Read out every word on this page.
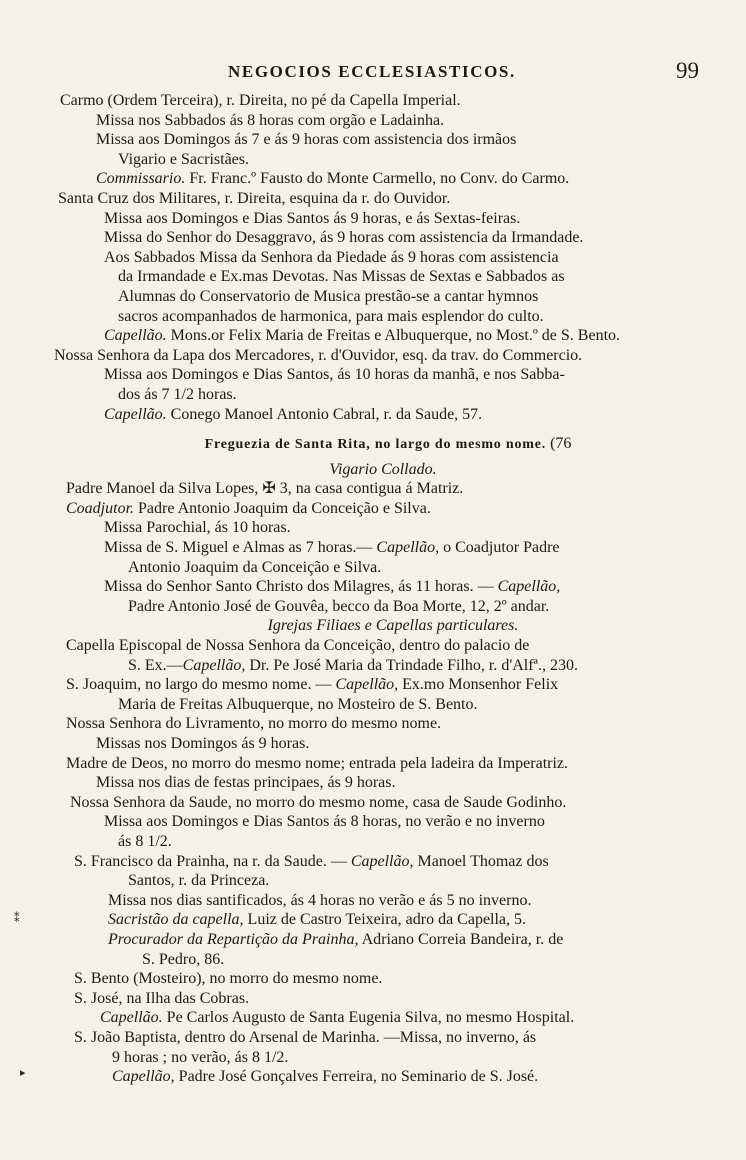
NEGOCIOS ECCLESIASTICOS.	99
Carmo (Ordem Terceira), r. Direita, no pé da Capella Imperial.
Missa nos Sabbados ás 8 horas com orgão e Ladainha.
Missa aos Domingos ás 7 e ás 9 horas com assistencia dos irmãos
Vigario e Sacristães.
Commissario. Fr. Franc.º Fausto do Monte Carmello, no Conv. do Carmo.
Santa Cruz dos Militares, r. Direita, esquina da r. do Ouvidor.
Missa aos Domingos e Dias Santos ás 9 horas, e ás Sextas-feiras.
Missa do Senhor do Desaggravo, ás 9 horas com assistencia da Irmandade.
Aos Sabbados Missa da Senhora da Piedade ás 9 horas com assistencia
da Irmandade e Ex.mas Devotas. Nas Missas de Sextas e Sabbados as
Alumnas do Conservatorio de Musica prestão-se a cantar hymnos
sacros acompanhados de harmonica, para mais esplendor do culto.
Capellão. Mons.or Felix Maria de Freitas e Albuquerque, no Most.º de S. Bento.
Nossa Senhora da Lapa dos Mercadores, r. d'Ouvidor, esq. da trav. do Commercio.
Missa aos Domingos e Dias Santos, ás 10 horas da manhã, e nos Sabba-
dos ás 7 1/2 horas.
Capellão. Conego Manoel Antonio Cabral, r. da Saude, 57.
Freguezia de Santa Rita, no largo do mesmo nome. (76
Vigario Collado.
Padre Manoel da Silva Lopes, ✠ 3, na casa contigua á Matriz.
Coadjutor. Padre Antonio Joaquim da Conceição e Silva.
Missa Parochial, ás 10 horas.
Missa de S. Miguel e Almas as 7 horas.— Capellão, o Coadjutor Padre
Antonio Joaquim da Conceição e Silva.
Missa do Senhor Santo Christo dos Milagres, ás 11 horas. — Capellão,
Padre Antonio José de Gouvêa, becco da Boa Morte, 12, 2º andar.
Igrejas Filiaes e Capellas particulares.
Capella Episcopal de Nossa Senhora da Conceição, dentro do palacio de
S. Ex.—Capellão, Dr. Pe José Maria da Trindade Filho, r. d'Alfª., 230.
S. Joaquim, no largo do mesmo nome. — Capellão, Ex.mo Monsenhor Felix
Maria de Freitas Albuquerque, no Mosteiro de S. Bento.
Nossa Senhora do Livramento, no morro do mesmo nome.
Missas nos Domingos ás 9 horas.
Madre de Deos, no morro do mesmo nome; entrada pela ladeira da Imperatriz.
Missa nos dias de festas principaes, ás 9 horas.
Nossa Senhora da Saude, no morro do mesmo nome, casa de Saude Godinho.
Missa aos Domingos e Dias Santos ás 8 horas, no verão e no inverno
ás 8 1/2.
S. Francisco da Prainha, na r. da Saude. — Capellão, Manoel Thomaz dos
Santos, r. da Princeza.
Missa nos dias santificados, ás 4 horas no verão e ás 5 no inverno.
Sacristão da capella, Luiz de Castro Teixeira, adro da Capella, 5.
Procurador da Repartição da Prainha, Adriano Correia Bandeira, r. de
S. Pedro, 86.
S. Bento (Mosteiro), no morro do mesmo nome.
S. José, na Ilha das Cobras.
Capellão. Pe Carlos Augusto de Santa Eugenia Silva, no mesmo Hospital.
S. João Baptista, dentro do Arsenal de Marinha. —Missa, no inverno, ás
9 horas ; no verão, ás 8 1/2.
Capellão, Padre José Gonçalves Ferreira, no Seminario de S. José.
⁑
▸
